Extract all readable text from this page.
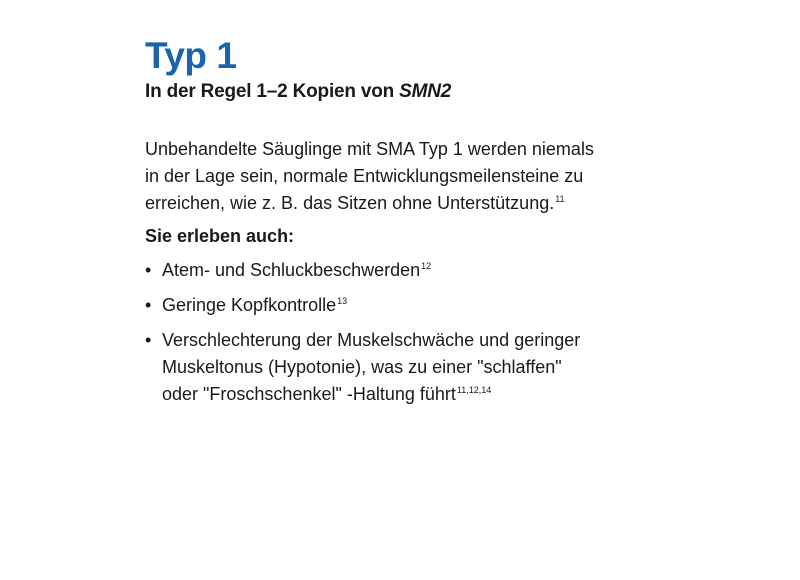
Typ 1

In der Regel 1–2 Kopien von SMN2

Unbehandelte Säuglinge mit SMA Typ 1 werden niemals
in der Lage sein, normale Entwicklungsmeilensteine zu
erreichen, wie z. B. das Sitzen ohne Unterstützung.$^{11}$

Sie erleben auch:

• Atem- und Schluckbeschwerden$^{12}$
• Geringe Kopfkontrolle$^{13}$
• Verschlechterung der Muskelschwäche und geringer
Muskeltonus (Hypotonie), was zu einer "schlaffen"
oder "Froschschenkel" -Haltung führt$^{11,12,14}$
